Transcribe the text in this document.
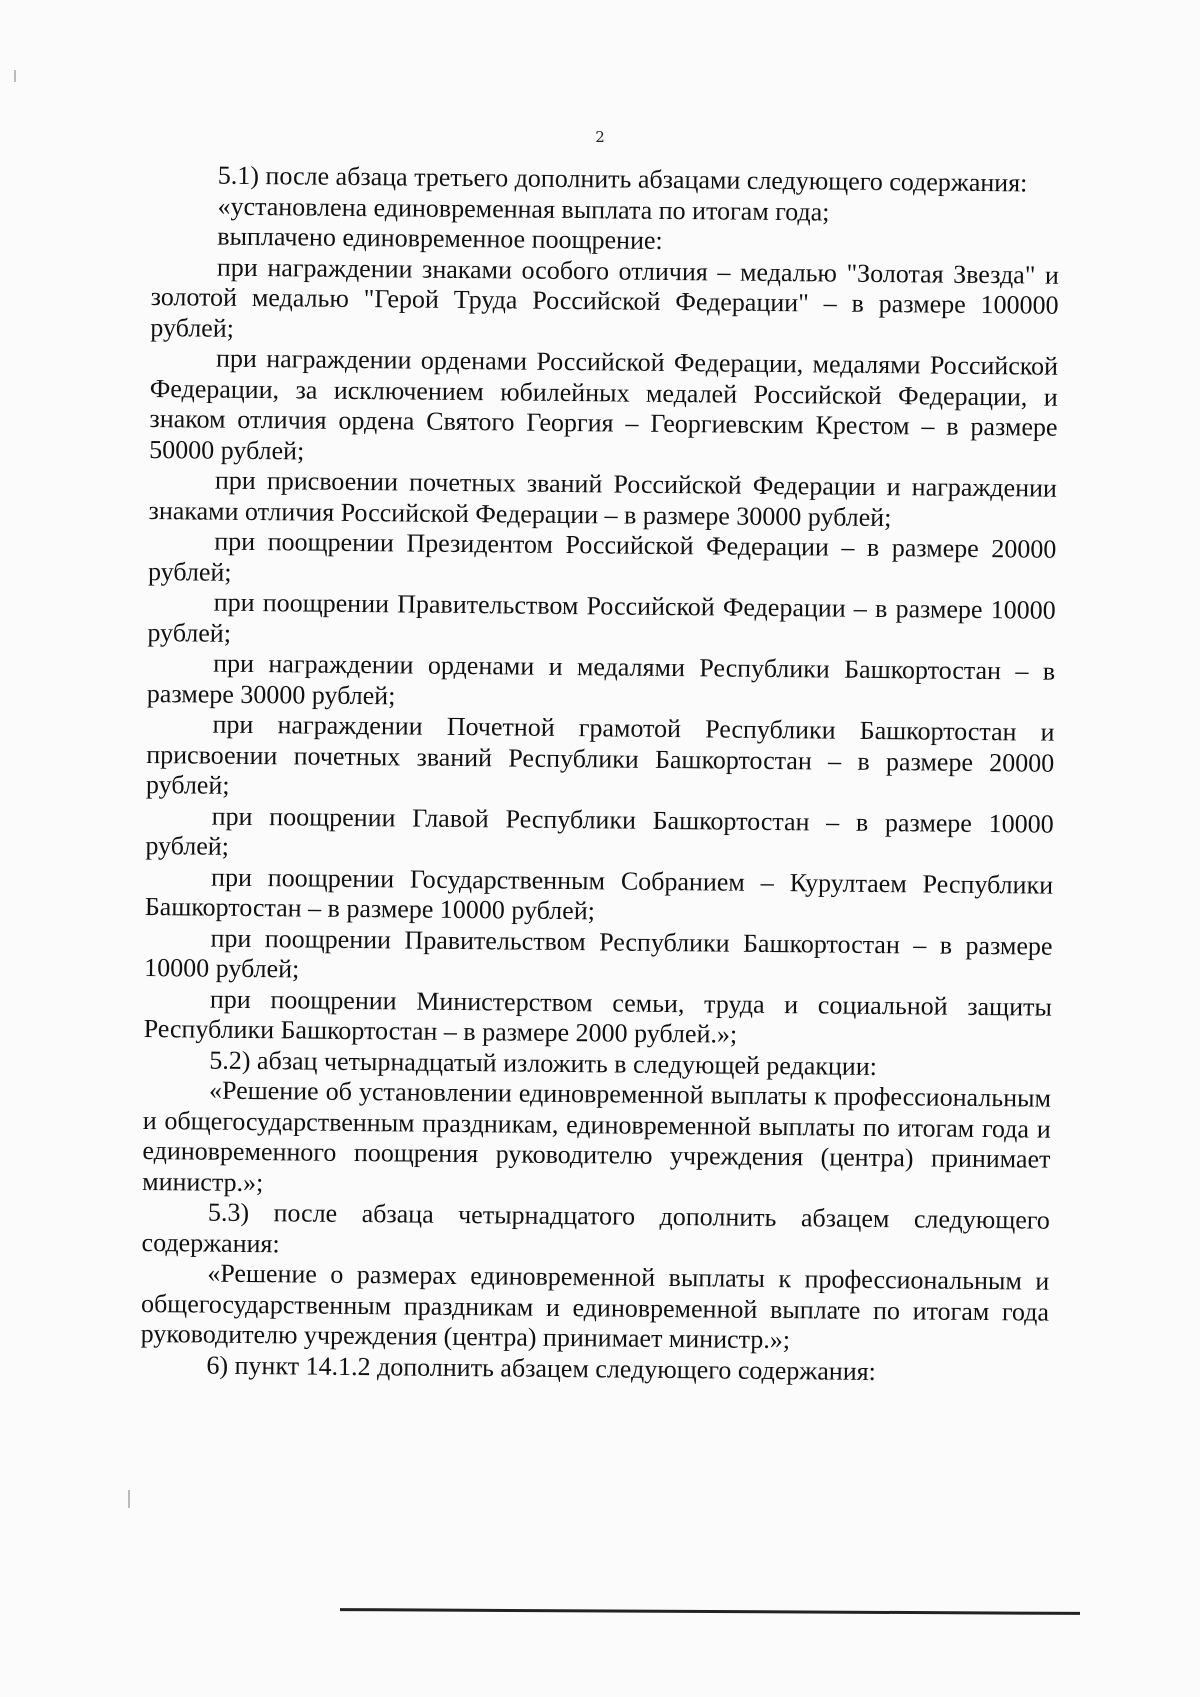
2

5.1) после абзаца третьего дополнить абзацами следующего содержания:

«установлена единовременная выплата по итогам года;

выплачено единовременное поощрение:

при награждении знаками особого отличия – медалью "Золотая Звезда" и золотой медалью "Герой Труда Российской Федерации" – в размере 100000 рублей;

при награждении орденами Российской Федерации, медалями Российской Федерации, за исключением юбилейных медалей Российской Федерации, и знаком отличия ордена Святого Георгия – Георгиевским Крестом – в размере 50000 рублей;

при присвоении почетных званий Российской Федерации и награждении знаками отличия Российской Федерации – в размере 30000 рублей;

при поощрении Президентом Российской Федерации – в размере 20000 рублей;

при поощрении Правительством Российской Федерации – в размере 10000 рублей;

при награждении орденами и медалями Республики Башкортостан – в размере 30000 рублей;

при награждении Почетной грамотой Республики Башкортостан и присвоении почетных званий Республики Башкортостан – в размере 20000 рублей;

при поощрении Главой Республики Башкортостан – в размере 10000 рублей;

при поощрении Государственным Собранием – Курултаем Республики Башкортостан – в размере 10000 рублей;

при поощрении Правительством Республики Башкортостан – в размере 10000 рублей;

при поощрении Министерством семьи, труда и социальной защиты Республики Башкортостан – в размере 2000 рублей.»;

5.2) абзац четырнадцатый изложить в следующей редакции:

«Решение об установлении единовременной выплаты к профессиональным и общегосударственным праздникам, единовременной выплаты по итогам года и единовременного поощрения руководителю учреждения (центра) принимает министр.»;

5.3) после абзаца четырнадцатого дополнить абзацем следующего содержания:

«Решение о размерах единовременной выплаты к профессиональным и общегосударственным праздникам и единовременной выплате по итогам года руководителю учреждения (центра) принимает министр.»;

6) пункт 14.1.2 дополнить абзацем следующего содержания:
